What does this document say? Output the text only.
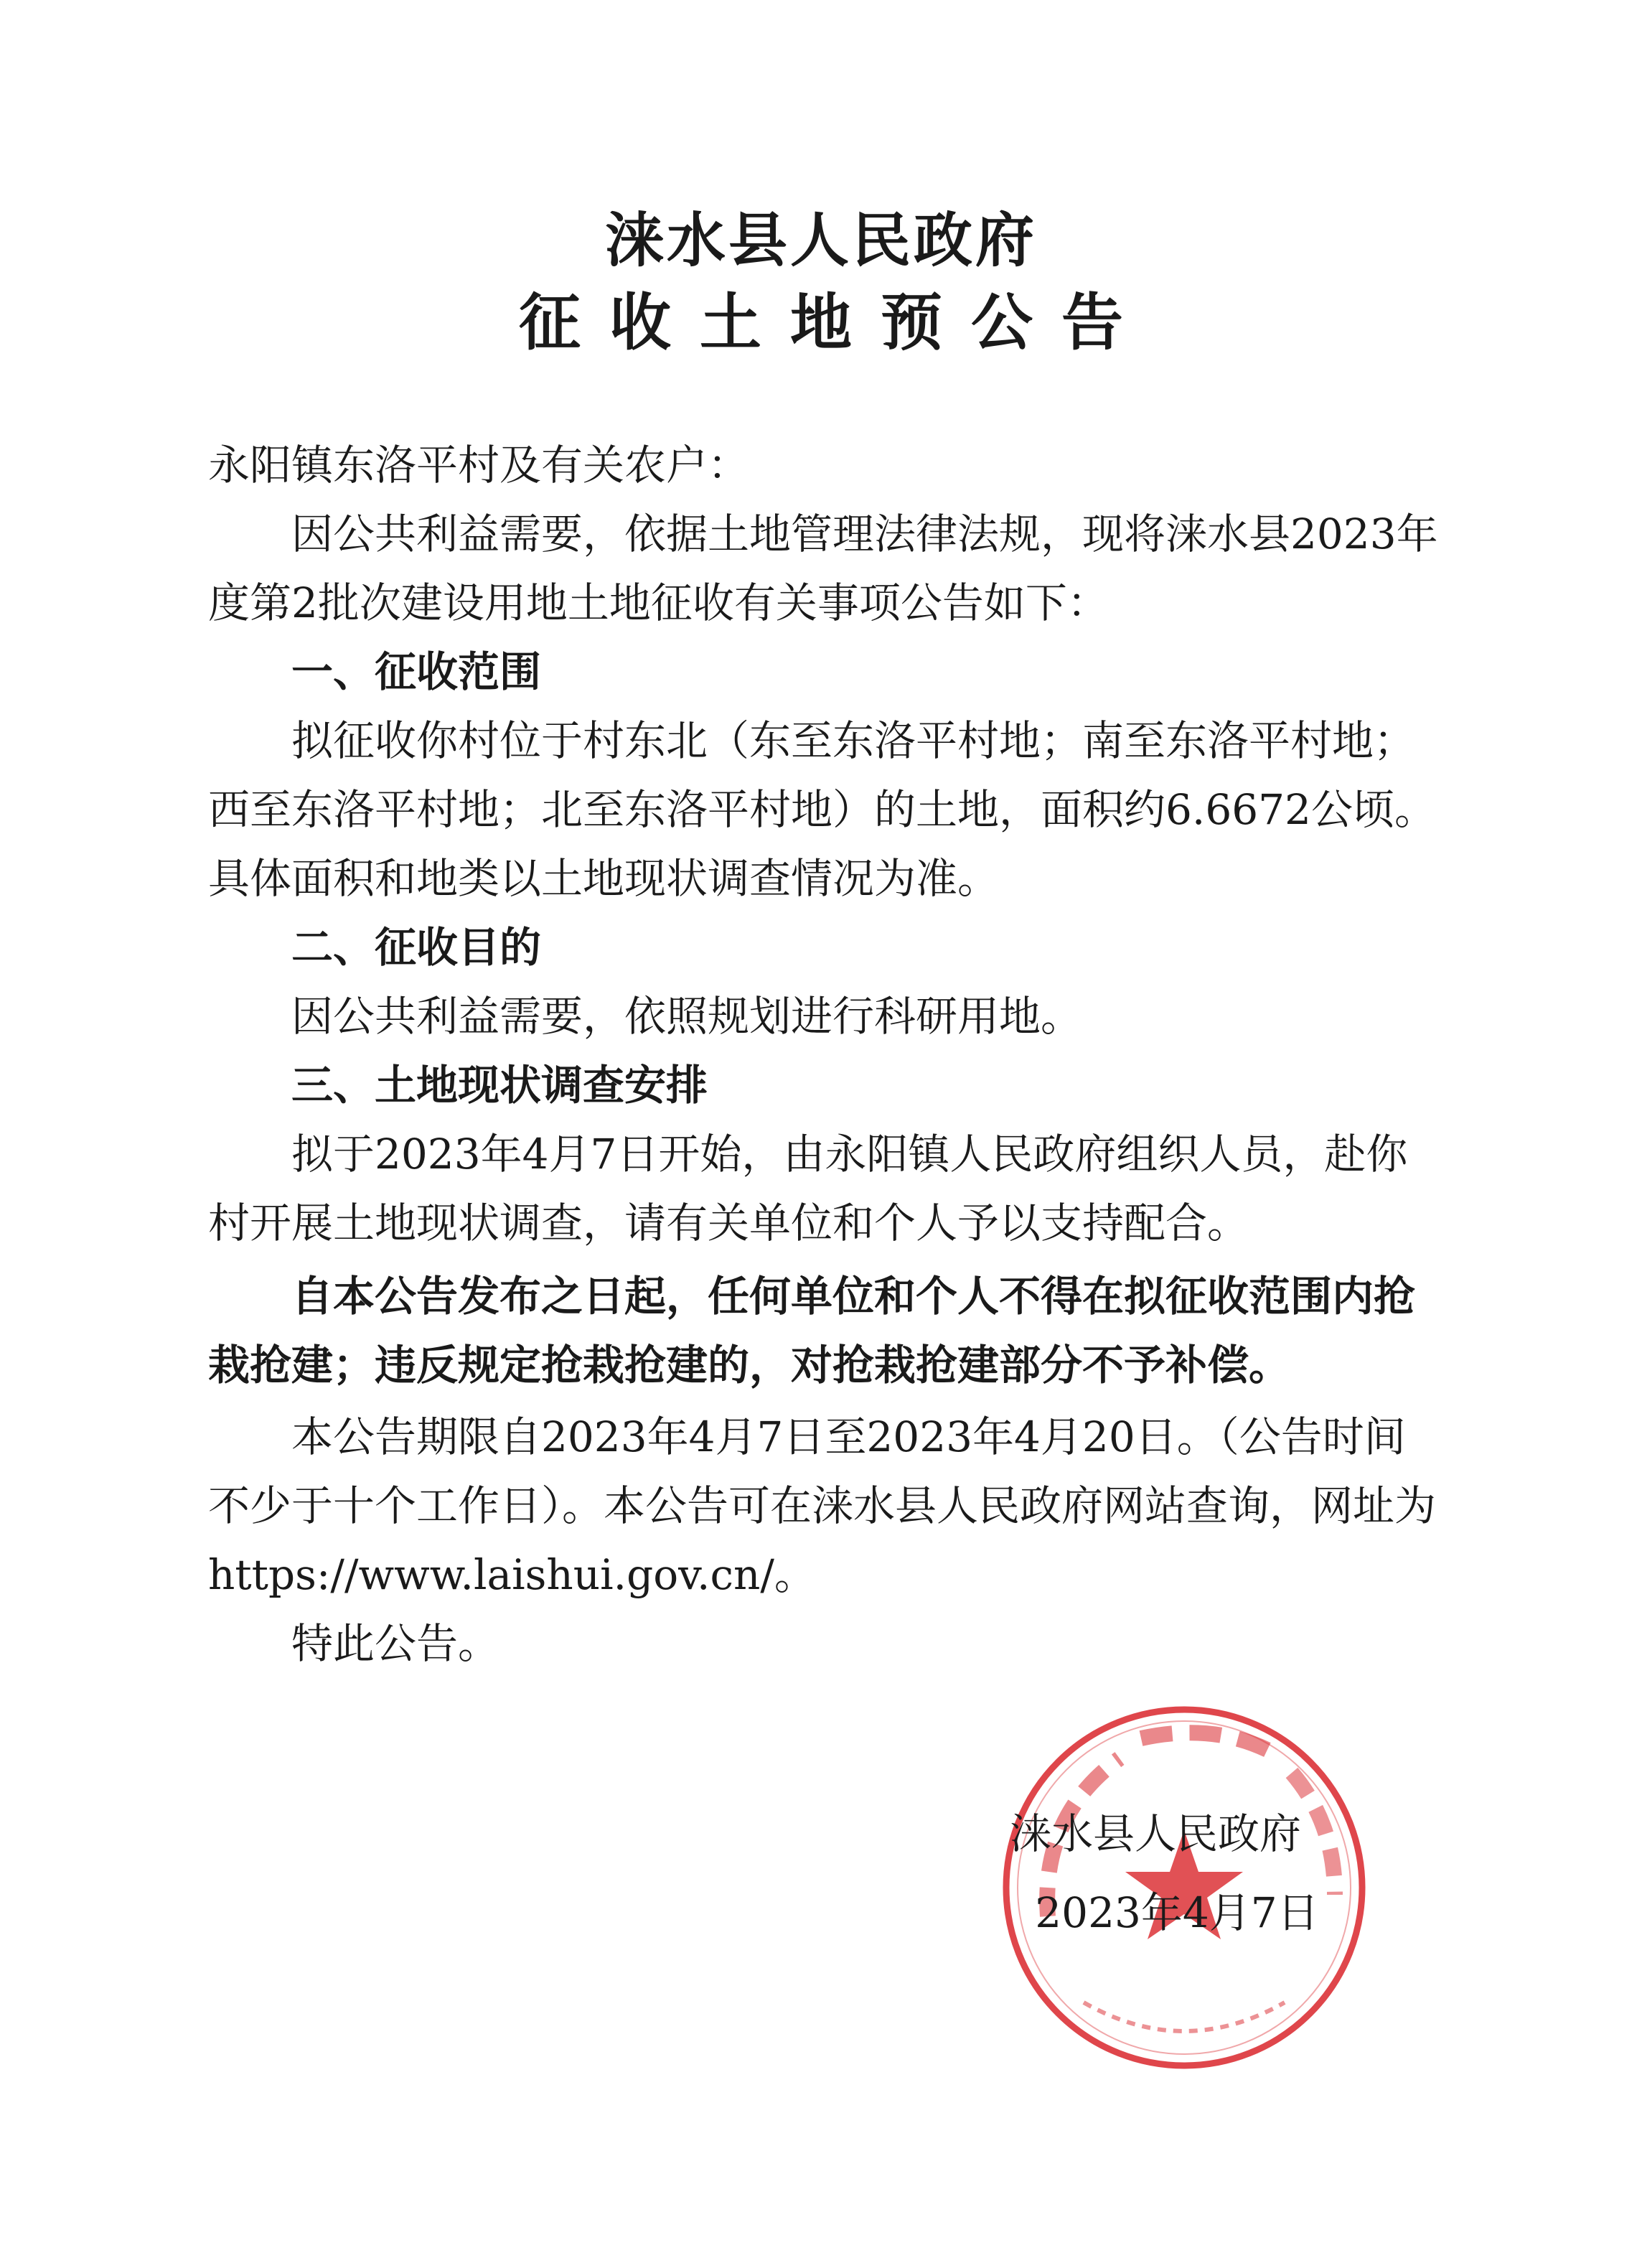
涞水县人民政府
征收土地预公告

永阳镇东洛平村及有关农户：

因公共利益需要，依据土地管理法律法规，现将涞水县2023年度第2批次建设用地土地征收有关事项公告如下：

一、征收范围

拟征收你村位于村东北（东至东洛平村地；南至东洛平村地；西至东洛平村地；北至东洛平村地）的土地，面积约6.6672公顷。具体面积和地类以土地现状调查情况为准。

二、征收目的

因公共利益需要，依照规划进行科研用地。

三、土地现状调查安排

拟于2023年4月7日开始，由永阳镇人民政府组织人员，赴你村开展土地现状调查，请有关单位和个人予以支持配合。

自本公告发布之日起，任何单位和个人不得在拟征收范围内抢栽抢建；违反规定抢栽抢建的，对抢栽抢建部分不予补偿。

本公告期限自2023年4月7日至2023年4月20日。（公告时间不少于十个工作日）。本公告可在涞水县人民政府网站查询，网址为 https://www.laishui.gov.cn/。

特此公告。

涞水县人民政府
2023年4月7日
